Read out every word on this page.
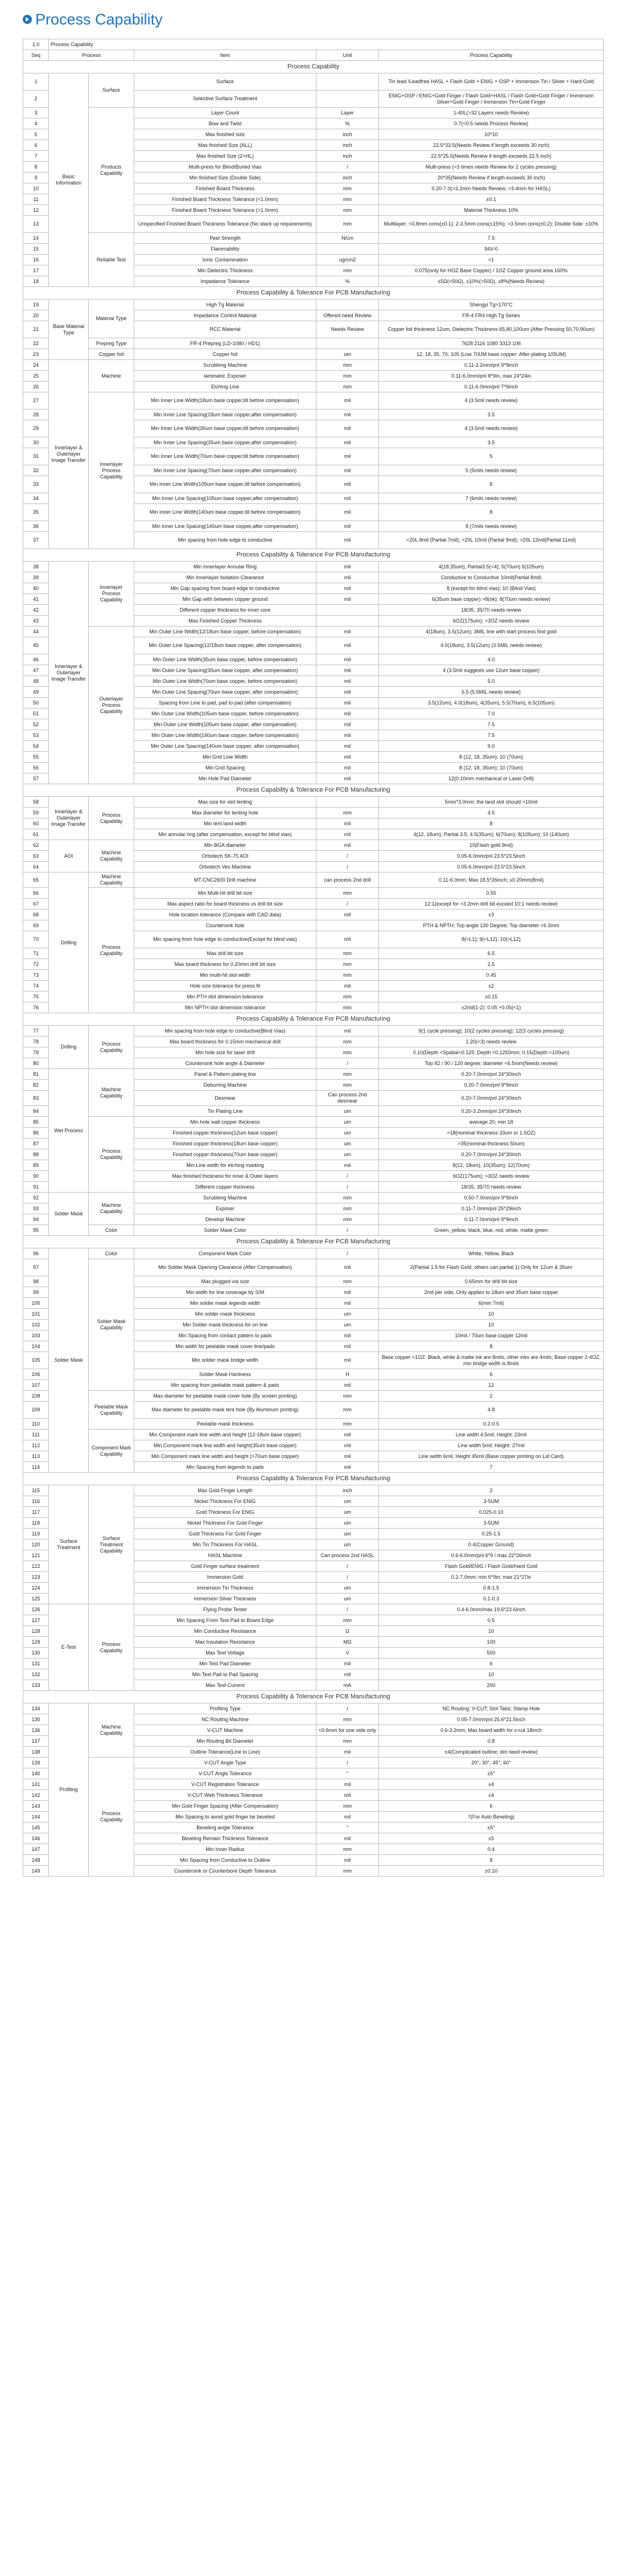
Process Capability
1.0	Process Capability				
Seq	Process		Item	Unit	Process Capability
Process Capability					
1	Basic Information	Surface	Surface		Tin lead /Leadfree HASL + Flash Gold + ENIG + OSP + Immersion Tin / Silver + Hard Gold
2			Selective Surface Treatment		ENIG+OSP / ENIG+Gold Finger / Flash Gold+HASL / Flash Gold+Gold Finger / Immersion Silver+Gold Finger / Immersion Tin+Gold Finger
3		Products Capability	Layer Count	Layer	1-40L(>32 Layers needs Review)
4			Bow and Twist	%	0.7(<0.5 needs Process Review)
5			Max finished size	inch	10*10
6			Max finished Size (ALL)	inch	22.5*33.5(Needs Review if length exceeds 30 inch)
7			Max finished Size (2+HL)	inch	22.5*25.5(Needs Review if length exceeds 22.5 inch)
8			Multi-press for Blind/Buried Vias	/	Multi-press (>3 times needs Review for 2 cycles pressing)
9			Min finished Size (Double Side)	inch	20*35(Needs Review if length exceeds 30 inch)
10			Finished Board Thickness	mm	0.20-7.0(>3.2mm Needs Review; >3.4mm for HASL)
11			Finished Board Thickness Tolerance (<1.0mm)	mm	±0.1
12			Finished Board Thickness Tolerance (>1.0mm)	mm	Material Thickness 10%
13			Unspecified Finished Board Thickness Tolerance (No stack up requirements)	mm	Multilayer: <0.8mm cons(±0.1); 2-3.5mm cons(±15%); >3.5mm cons(±0.2); Double Side: ±10%
14		Reliable Test	Peel Strength	N/cm	7.5
15			Flammability		94V-0
16			Ionic Contamination	ug/cm2	<1
17			Min Dielectric Thickness	mm	0.075(only for HOZ Base Copper) / 1OZ Copper ground area 160%
18			Impedance Tolerance	%	±5Ω(<50Ω), ±10%(>50Ω), ±8%(Needs Review)
Process Capability & Tolerance For PCB Manufacturing					
19	Base Material Type	Material Type	High Tg Material		Shengyi Tg>170°C
20			Impedance Control Material	Offered need Review	FR-4 FR4 High Tg Series
21			RCC Material	Needs Review	Copper foil thickness 12um, Dielectric Thickness 65,80,100um (After Pressing 50,70,90um)
22		Prepreg Type	FR-4 Prepreg (LD-1080 / HD1)		7628 2116 1080 3313 106
23		Copper foil	Copper foil	um	12, 18, 35, 70, 105 (Low 70UM base copper: After plating 105UM)
24	Innerlayer & Outerlayer Image Transfer	Machine	Scrubbing Machine	mm	0.11-3.2mm/pnl 9*9inch
25			laminator, Exposer	mm	0.11-6.0mm/pnl 8*9in, max 24*24in
26			Etching Line	mm	0.11-6.0mm/pnl 7*9inch
27		Innerlayer Process Capability	Min Inner Line Width(18um base copper,till before compensation)	mil	4 (3.5mil needs review)
28			Min Inner Line Spacing(18um base copper,after compensation)	mil	3.5
29			Min Inner Line Width(35um base copper,till before compensation)	mil	4 (3.5mil needs review)
30			Min Inner Line Spacing(35um base copper,after compensation)	mil	3.5
31			Min Inner Line Width(70um base copper,till before compensation)	mil	5
32			Min Inner Line Spacing(70um base copper,after compensation)	mil	5 (5mils needs review)
33			Min Inner Line Width(105um base copper,till before compensation)	mil	6
34			Min Inner Line Spacing(105um base copper,after compensation)	mil	7 (6mils needs review)
35			Min Inner Line Width(140um base copper,till before compensation)	mil	8
36			Min Inner Line Spacing(140um base copper,after compensation)	mil	8 (7mils needs review)
37			Min spacing from hole edge to conductive	mil	<20L 8mil (Partial 7mil); >20L 10mil (Partial 9mil); >20L 12mil(Partial 11mil)
Process Capability & Tolerance For PCB Manufacturing					
38	Innerlayer & Outerlayer Image Transfer	Innerlayer Process Capability	Min Innerlayer Annular Ring	mil	4(18,35um), Partial3.5(<4); 5(70um) 6(105um)
39			Min Innerlayer Isolation Clearance	mil	Conductive to Conductive 10mil(Partial 8mil)
40			Min Gap spacing from board edge to conductive	mil	8 (except for blind vias); 10 (Blind Vias)
41			Min Gap with between copper ground	mil	6(35um base copper) >8(ok); 8(70um needs review)
42			Different copper thickness for inner core		18/35, 35/70 needs review
43			Max Finished Copper Thickness		6OZ(175um); >3OZ needs review
44		Outerlayer Process Capability	Min Outer Line Width(12/18um base copper, before compensation)	mil	4(18um), 3.5(12um); 3MIL line with start process find gold
45			Min Outer Line Spacing(12/18um base copper, after compensation)	mil	4.0(18um), 3.5(12um) (3.5MIL needs review)
46			Min Outer Line Width(35um base copper, before compensation)	mil	4.0
47			Min Outer Line Spacing(35um base copper, after compensation)	mil	4 (3.5mil suggests use 12um base copper)
48			Min Outer Line Width(70um base copper, before compensation)	mil	5.0
49			Min Outer Line Spacing(70um base copper, after compensation)	mil	6.5 (5.5MIL needs review)
50			Spacing from Line to pad, pad to pad (after compensation)	mil	3.5(12um), 4.0(18um), 4(35um), 5.5(70um), 6.5(105um)
51			Min Outer Line Width(105um base copper, before compensation)	mil	7.0
52			Min Outer Line Width(105um base copper, after compensation)	mil	7.5
53			Min Outer Line Width(140um base copper, before compensation)	mil	7.5
54			Min Outer Line Spacing(140um base copper, after compensation)	mil	9.0
55			Min Grid Line Width	mil	8 (12, 18, 35um); 10 (70um)
56			Min Grid Spacing	mil	8 (12, 18, 35um); 10 (70um)
57			Min Hole Pad Diameter	mil	12(0.10mm mechanical or Laser Drill)
Process Capability & Tolerance For PCB Manufacturing					
58	Innerlayer & Outerlayer Image Transfer	Process Capability	Max size for slot tenting		5mm*3.0mm; the land slot should >10mil
59			Max diameter for tenting hole	mm	4.5
60			Min tent land width	mil	8
61			Min annular ring (after compensation, except for blind vias)	mil	4(12, 18um); Partial 3.5; 4.5(35um); 6(70um); 8(105um); 10 (140um)
62	AOI	Machine Capability	Min BGA diameter	mil	10(Flash gold 9mil)
63			Orbotech SK-75 AOI	/	0.05-6.0mm/pnl 23.5*23.5inch
64			Orbotech Ves Machine	/	0.05-6.0mm/pnl 23.5*23.5inch
65	Drilling	Machine Capability	MT-CNC2600 Drill machine	can process 2nd drill	0.11-6.0mm; Max 18.5*26inch; ≤0.20mm(8mil)
66		Process Capability	Min Multi-hit drill bit size	mm	0.55
67			Max aspect ratio for board thickness vs drill bit size	/	12:1(except for >3.2mm drill bit exceed 10:1 needs review)
68			Hole location tolerance (Compare with CAD data)	mil	±3
69			Countersink hole		PTH & NPTH; Top angle 130 Degree; Top diameter <6.3mm
70			Min spacing from hole edge to conductive(Except for blind vias)	mil	8(<L1); 9(<L12); 10(>L12)
71			Max drill bit size	mm	6.5
72			Max board thickness for 0.20mm drill bit size	mm	2.5
73			Min multi-hit slot width	mm	0.45
74			Hole size tolerance for press fit	mil	±2
75			Min PTH slot dimension tolerance	mm	±0.15
76			Min NPTH slot dimension tolerance	mm	±2mil(1-2): 0.05 +0.05(<1)
Process Capability & Tolerance For PCB Manufacturing					
77	Drilling	Process Capability	Min spacing from hole edge to conductive(Blind Vias)	mil	9(1 cycle pressing); 10(2 cycles pressing); 12(3 cycles pressing)
78			Max board thickness for 0.15mm mechanical drill	mm	1.20(<3) needs review
79			Min hole size for laser drill	mm	0.10(Depth <Spatial<0.125; Depth <0.1250mm; 0.15(Depth <100um)
80			Countersink hole angle & Diameter	/	Top 82 / 90 / 120 degree; diameter <6.5mm(Needs review)
81	Wet Process	Machine Capability	Panel & Pattern plating line	mm	0.20-7.0mm/pnl 24*30inch
82			Deburring Machine	mm	0.20-7.0mm/pnl 9*9inch
83			Desmear	Can process 2nd desmear	0.20-7.0mm/pnl 24*30inch
84			Tin Plating Line	um	0.20-3.2mm/pnl 24*30inch
85		Process Capability	Min hole wall copper thickness	um	average 20, min 18
86			Finished copper thickness(12um base copper)	um	>18(nominal thickness 33um or 1.5OZ)
87			Finished copper thickness(18um base copper)	um	>35(nominal thickness 50um)
88			Finished copper thickness(70um base copper)	um	0.20-7.0mm/pnl 24*30inch
89			Min Line width for etching marking	mil	8(12, 18um); 10(35um); 12(70um)
90			Max finished thickness for inner & Outer layers	/	6OZ(175um); >3OZ needs review
91			Different copper thickness	/	18/35, 35/70 needs review
92	Solder Mask	Machine Capability	Scrubbing Machine	mm	0.50-7.0mm/pnl 9*9inch
93			Exposer	mm	0.11-7.0mm/pnl 25*29inch
94			Develop Machine	mm	0.11-7.0mm/pnl 9*9inch
95		Color	Solder Mask Color	/	Green, yellow, black, blue, red, white, matte green
Process Capability & Tolerance For PCB Manufacturing					
96	Solder Mask	Color	Component Mark Color	/	White, Yellow, Black
97		Solder Mask Capability	Min Solder Mask Opening Clearance (After Compensation)	mil	2(Partial 1.5 for Flash Gold, others can partial 1) Only for 12um & 35um
98			Max plugged via size	mm	0.65mm for drill bit size
99			Min width for line coverage by S/M	mil	2mil per side, Only applies to 18um and 35um base copper
100			Min solder mask legends width	mil	6(min 7mil)
101			Min solder mask thickness	um	10
102			Min Solder mask thickness for on line	um	10
103			Min Spacing from contact pattern to pads	mil	10mil / 70um base copper 12mil
104			Min width for peelable mask cover line/pads	mil	8
105			Min solder mask bridge width	mil	Base copper <1OZ: Black, white & matte ink are 8mils, other inks are 4mils; Base copper 2-4OZ, min bridge width is 8mils
106			Solder Mask Hardness	H	6
107			Min spacing from peelable mask pattern & pads	mil	12
108		Peelable Mask Capability	Max diameter for peelable mask cover hole (By screen printing)	mm	2
109			Max diameter for peelable mask tent hole (By Aluminum printing)	mm	4.8
110			Peelable mask thickness	mm	0.2-0.5
111		Component Mark Capability	Min Component mark line width and height (12-18um base copper)	mil	Line width 4.5mil; Height: 23mil
112			Min Component mark line width and height(35um base copper)	mil	Line width 5mil; Height: 27mil
113			Min Component mark line width and height (>70um base copper)	mil	Line width 6mil, Height 45mil (Base copper printing on Lid Card)
114			Min Spacing from legends to pads	mil	7
Process Capability & Tolerance For PCB Manufacturing					
115	Surface Treatment	Surface Treatment Capability	Max Gold Finger Length	inch	2
116			Nickel Thickness For ENIG	um	3-5UM
117			Gold Thickness For ENIG	um	0.025-0.10
118			Nickel Thickness For Gold Finger	um	3-5UM
119			Gold Thickness For Gold Finger	um	0.25-1.5
120			Min Tin Thickness For HASL	um	0.4(Copper Ground)
121			HASL Machine	Can process 2nd HASL	0.6-6.0mm/pnl 6*9 / max 22*26inch
122			Gold Finger surface treatment	/	Flash Gold/ENIG / Flash Gold/Hard Gold
123			Immersion Gold	/	0.2-7.0mm; min 6*9in; max 21*27in
124			Immersion Tin Thickness	um	0.8-1.5
125			Immersion Silver Thickness	um	0.1-0.3
126	E-Test	Process Capability	Flying Probe Tester	/	0.4-6.0mm/max 19.6*23.6inch
127			Min Spacing From Test Pad to Board Edge	mm	0.5
128			Min Conductive Resistance	Ω	10
129			Max Insulation Resistance	MΩ	100
130			Max Test Voltage	V	500
131			Min Test Pad Diameter	mil	6
132			Min Test Pad to Pad Spacing	mil	10
133			Max Test Current	mA	200
Process Capability & Tolerance For PCB Manufacturing					
134	Profiling	Machine Capability	Profiling Type	/	NC Routing; V-CUT; Slot Tabs; Stamp Hole
135			NC Routing Machine	mm	0.05-7.0mm/pnl 25.6*21.5inch
136			V-CUT Machine	<0.6mm for one side only	0.6-3.2mm; Max board width for v-cut 18inch
137			Min Routing Bit Diameter	mm	0.8
138			Outline Tolerance(Line to Line)	mil	±4(Complicated outline; dot need review)
139		Process Capability	V-CUT Angle Type	/	20°, 30°, 45°, 60°
140			V-CUT Angle Tolerance	°	±5°
141			V-CUT Registration Tolerance	mil	±4
142			V-CUT Web Thickness Tolerance	mil	±4
143			Min Gold Finger Spacing (After Compensation)	mm	6
144			Min Spacing to avoid gold finger be beveled	mil	7(For Auto Beveling)
145			Beveling angle Tolerance	°	±5°
146			Beveling Remain Thickness Tolerance	mil	±5
147			Min Inner Radius	mm	0.4
148			Min Spacing from Conductive to Outline	mil	8
149			Countersink or Counterbore Depth Tolerance	mm	±0.10
